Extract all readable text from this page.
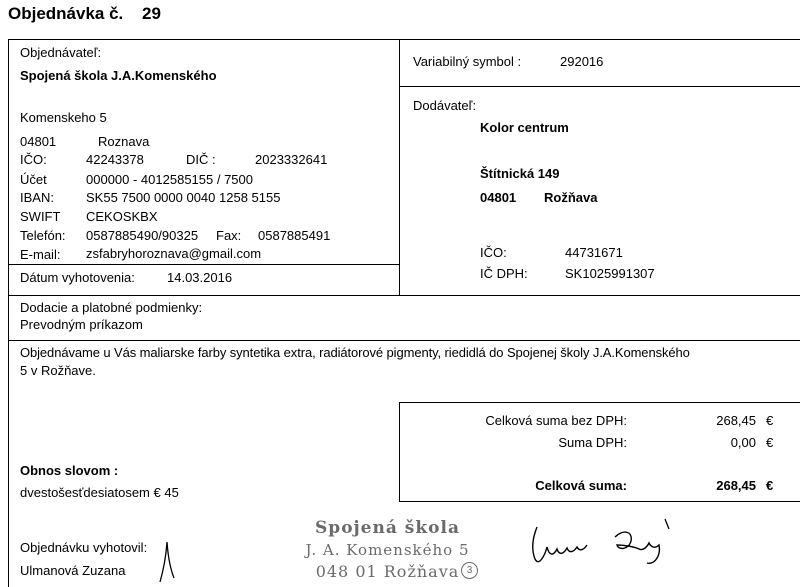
Objednávka č. 29
Objednávateľ:
Spojená škola J.A.Komenského
Komenskeho 5
04801	Roznava
IČO:	42243378	DIČ :	2023332641
Účet	000000 - 4012585155 / 7500
IBAN: SK55 7500 0000 0040 1258 5155
SWIFT CEKOSKBX
Telefón: 0587885490/90325 Fax: 0587885491
E-mail: zsfabryhoroznava@gmail.com
Dátum vyhotovenia: 14.03.2016
Variabilný symbol :	292016
Dodávateľ:
Kolor centrum
Štítnická 149
04801 Rožňava
IČO:	44731671
IČ DPH:	SK1025991307
Dodacie a platobné podmienky:
Prevodným príkazom
Objednávame u Vás maliarske farby syntetika extra, radiátorové pigmenty, riedidlá do Spojenej školy J.A.Komenského
5 v Rožňave.
Celková suma bez DPH:	268,45 €
Suma DPH:	0,00 €
Celková suma:	268,45 €
Obnos slovom :
dvestošesťdesiatosem € 45
Objednávku vyhotovil:
Ulmanová Zuzana
Spojená škola
J. A. Komenského 5
048 01 Rožňava 3
